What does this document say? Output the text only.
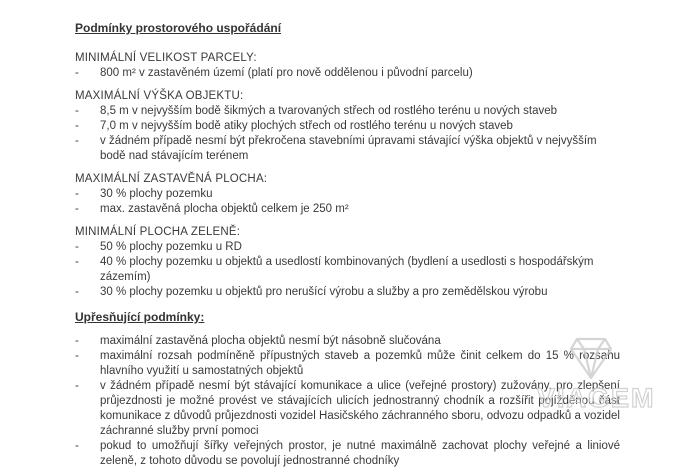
Podmínky prostorového uspořádání

MINIMÁLNÍ VELIKOST PARCELY:

-	800 m² v zastavěném území (platí pro nově oddělenou i původní parcelu)

MAXIMÁLNÍ VÝŠKA OBJEKTU:

-	8,5 m v nejvyšším bodě šikmých a tvarovaných střech od rostlého terénu u nových staveb
-	7,0 m v nejvyšším bodě atiky plochých střech od rostlého terénu u nových staveb
-	v žádném případě nesmí být překročena stavebními úpravami stávající výška objektů v nejvyšším bodě nad stávajícím terénem

MAXIMÁLNÍ ZASTAVĚNÁ PLOCHA:

-	30 % plochy pozemku
-	max. zastavěná plocha objektů celkem je 250 m²

MINIMÁLNÍ PLOCHA ZELENĚ:

-	50 % plochy pozemku u RD
-	40 % plochy pozemku u objektů a usedlostí kombinovaných (bydlení a usedlosti s hospodářským zázemím)
-	30 % plochy pozemku u objektů pro nerušící výrobu a služby a pro zemědělskou výrobu
Upřesňující podmínky:
-	maximální zastavěná plocha objektů nesmí být násobně slučována
-	maximální rozsah podmíněně přípustných staveb a pozemků může činit celkem do 15 % rozsahu hlavního využití u samostatných objektů
-	v žádném případě nesmí být stávající komunikace a ulice (veřejné prostory) zužovány, pro zlepšení průjezdnosti je možné provést ve stávajících ulicích jednostranný chodník a rozšířit pojížděnou část komunikace z důvodů průjezdnosti vozidel Hasičského záchranného sboru, odvozu odpadků a vozidel záchranné služby první pomoci
-	pokud to umožňují šířky veřejných prostor, je nutné maximálně zachovat plochy veřejné a liniové zeleně, z tohoto důvodu se povolují jednostranné chodníky
VIAGEM
